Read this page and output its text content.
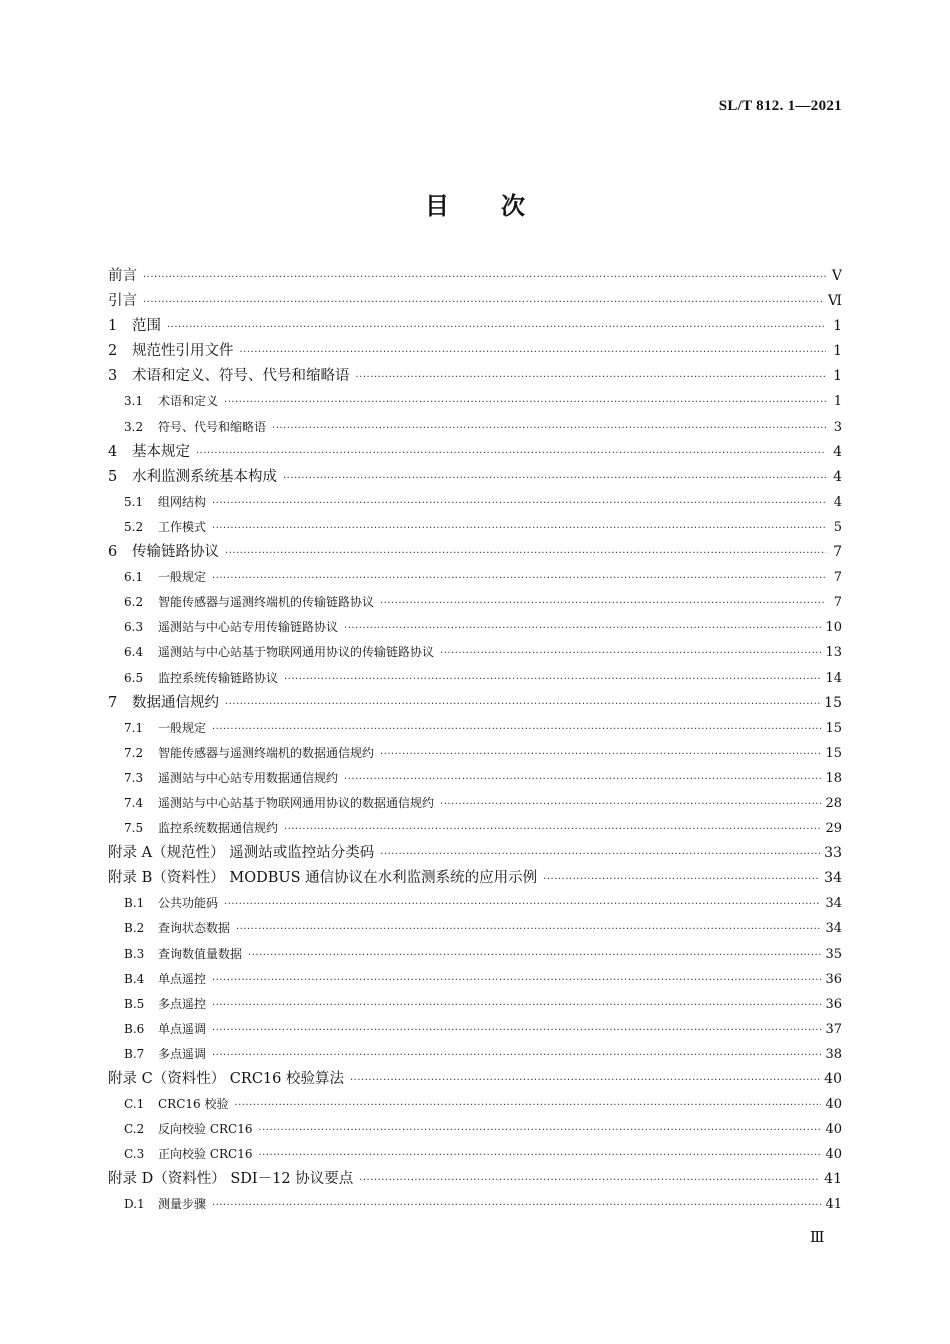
SL/T 812. 1—2021
目 次
前言 ·····	Ⅴ
引言 ·····	Ⅵ
1	范围 ·····	1
2	规范性引用文件 ·····	1
3	术语和定义、符号、代号和缩略语 ·····	1
3.1	术语和定义 ·····	1
3.2	符号、代号和缩略语 ·····	3
4	基本规定 ·····	4
5	水利监测系统基本构成 ·····	4
5.1	组网结构 ·····	4
5.2	工作模式 ·····	5
6	传输链路协议 ·····	7
6.1	一般规定 ·····	7
6.2	智能传感器与遥测终端机的传输链路协议 ·····	7
6.3	遥测站与中心站专用传输链路协议 ·····	10
6.4	遥测站与中心站基于物联网通用协议的传输链路协议 ·····	13
6.5	监控系统传输链路协议 ·····	14
7	数据通信规约 ·····	15
7.1	一般规定 ·····	15
7.2	智能传感器与遥测终端机的数据通信规约 ·····	15
7.3	遥测站与中心站专用数据通信规约 ·····	18
7.4	遥测站与中心站基于物联网通用协议的数据通信规约 ·····	28
7.5	监控系统数据通信规约 ·····	29
附录 A（规范性） 遥测站或监控站分类码 ·····	33
附录 B（资料性） MODBUS 通信协议在水利监测系统的应用示例 ·····	34
B.1	公共功能码 ·····	34
B.2	查询状态数据 ·····	34
B.3	查询数值量数据 ·····	35
B.4	单点遥控 ·····	36
B.5	多点遥控 ·····	36
B.6	单点遥调 ·····	37
B.7	多点遥调 ·····	38
附录 C（资料性） CRC16 校验算法 ·····	40
C.1	CRC16 校验 ·····	40
C.2	反向校验 CRC16 ·····	40
C.3	正向校验 CRC16 ·····	40
附录 D（资料性） SDI－12 协议要点 ·····	41
D.1	测量步骤 ·····	41
Ⅲ
